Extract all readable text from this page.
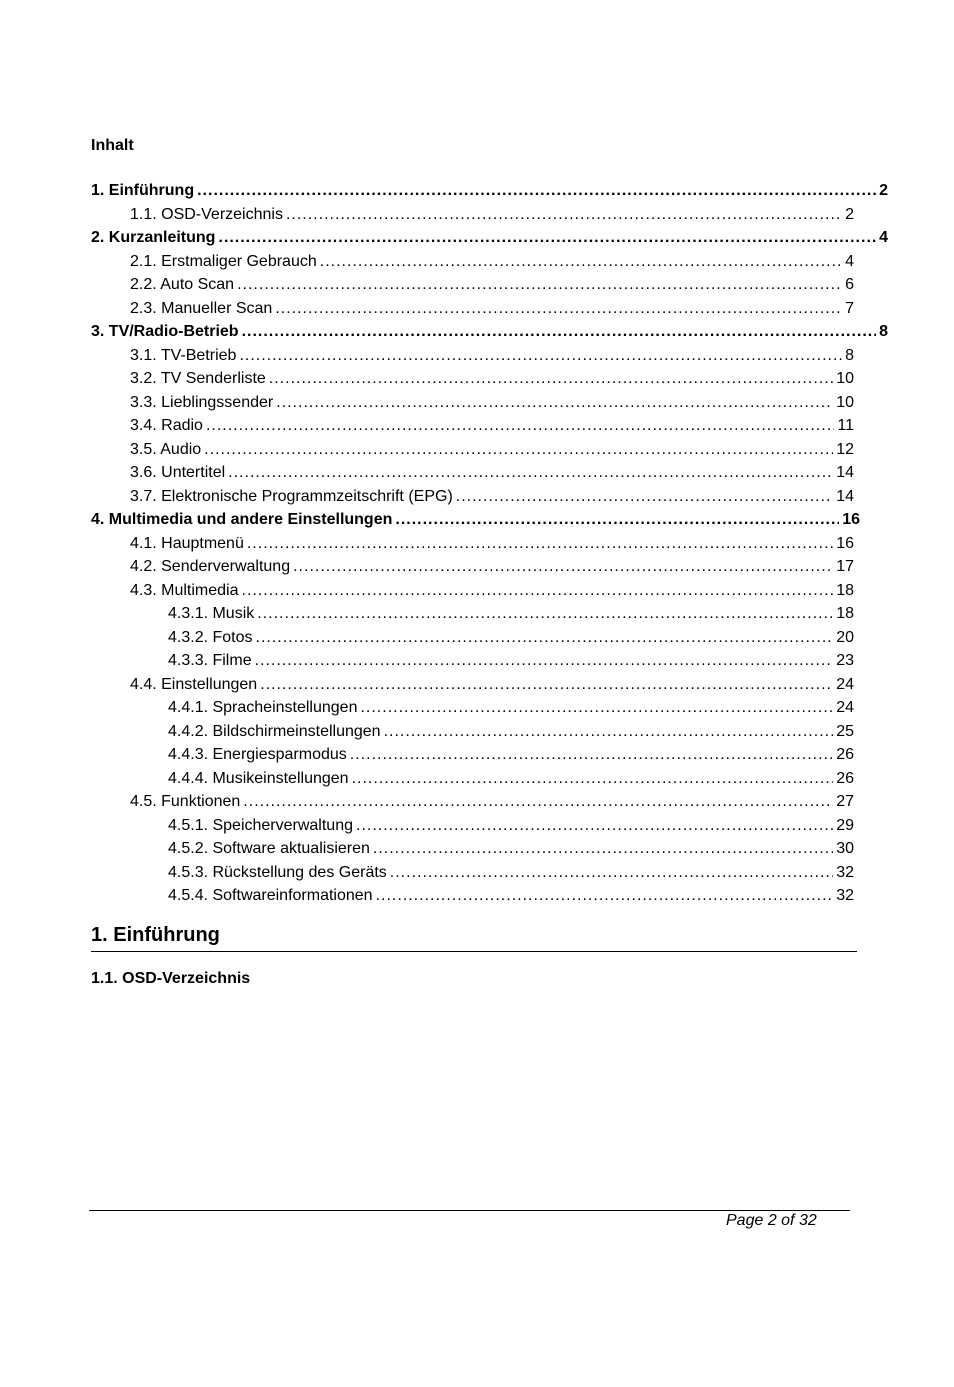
Inhalt
1. Einführung .....	2
1.1. OSD-Verzeichnis .....	2
2. Kurzanleitung .....	4
2.1. Erstmaliger Gebrauch .....	4
2.2. Auto Scan .....	6
2.3. Manueller Scan .....	7
3. TV/Radio-Betrieb .....	8
3.1. TV-Betrieb .....	8
3.2. TV Senderliste .....	10
3.3. Lieblingssender .....	10
3.4. Radio .....	11
3.5. Audio .....	12
3.6. Untertitel .....	14
3.7. Elektronische Programmzeitschrift (EPG) .....	14
4. Multimedia und andere Einstellungen .....	16
4.1. Hauptmenü .....	16
4.2. Senderverwaltung .....	17
4.3. Multimedia .....	18
4.3.1. Musik .....	18
4.3.2. Fotos .....	20
4.3.3. Filme .....	23
4.4. Einstellungen .....	24
4.4.1. Spracheinstellungen .....	24
4.4.2. Bildschirmeinstellungen .....	25
4.4.3. Energiesparmodus .....	26
4.4.4. Musikeinstellungen .....	26
4.5. Funktionen .....	27
4.5.1. Speicherverwaltung .....	29
4.5.2. Software aktualisieren .....	30
4.5.3. Rückstellung des Geräts .....	32
4.5.4. Softwareinformationen .....	32
1. Einführung
1.1. OSD-Verzeichnis
Page 2 of 32
